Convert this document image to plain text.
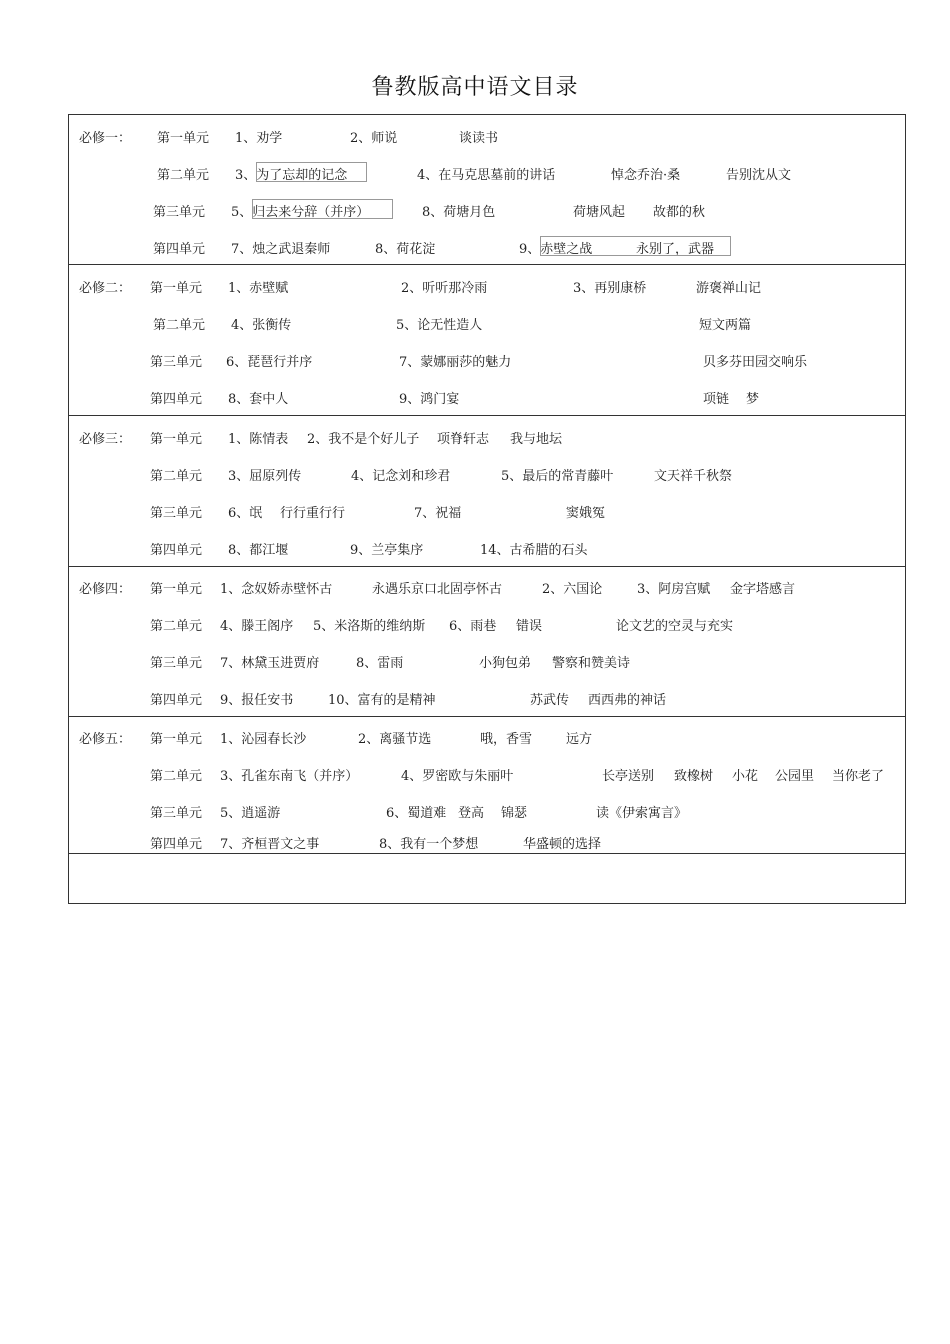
鲁教版高中语文目录
必修一： 第一单元 1、劝学	2、师说	谈读书
第二单元 3、为了忘却的记念	4、在马克思墓前的讲话	悼念乔治·桑	告别沈从文
第三单元 5、归去来兮辞（并序）	8、荷塘月色	荷塘风起 故都的秋
第四单元 7、烛之武退秦师	8、荷花淀	9、赤壁之战	永别了，武器
必修二： 第一单元 1、赤壁赋	2、听听那冷雨	3、再别康桥	游褒禅山记
第二单元 4、张衡传	5、论无性造人	短文两篇
第三单元 6、琵琶行并序	7、蒙娜丽莎的魅力	贝多芬田园交响乐
第四单元 8、套中人	9、鸿门宴	项链 梦
必修三： 第一单元 1、陈情表 2、我不是个好儿子 项脊轩志 我与地坛
第二单元 3、屈原列传	4、记念刘和珍君	5、最后的常青藤叶	文天祥千秋祭
第三单元 6、氓 行行重行行	7、祝福	窦娥冤
第四单元 8、都江堰	9、兰亭集序	14、古希腊的石头
必修四： 第一单元 1、念奴娇赤壁怀古	永遇乐京口北固亭怀古	2、六国论	3、阿房宫赋 金字塔感言
第二单元 4、滕王阁序 5、米洛斯的维纳斯 6、雨巷 错误	论文艺的空灵与充实
第三单元 7、林黛玉进贾府	8、雷雨	小狗包弟 警察和赞美诗
第四单元 9、报任安书	10、富有的是精神	苏武传 西西弗的神话
必修五： 第一单元 1、沁园春长沙	2、离骚节选	哦，香雪	远方
第二单元 3、孔雀东南飞（并序）	4、罗密欧与朱丽叶	长亭送别 致橡树 小花 公园里 当你老了
第三单元 5、逍遥游	6、蜀道难 登高 锦瑟	读《伊索寓言》
第四单元 7、齐桓晋文之事	8、我有一个梦想	华盛顿的选择
